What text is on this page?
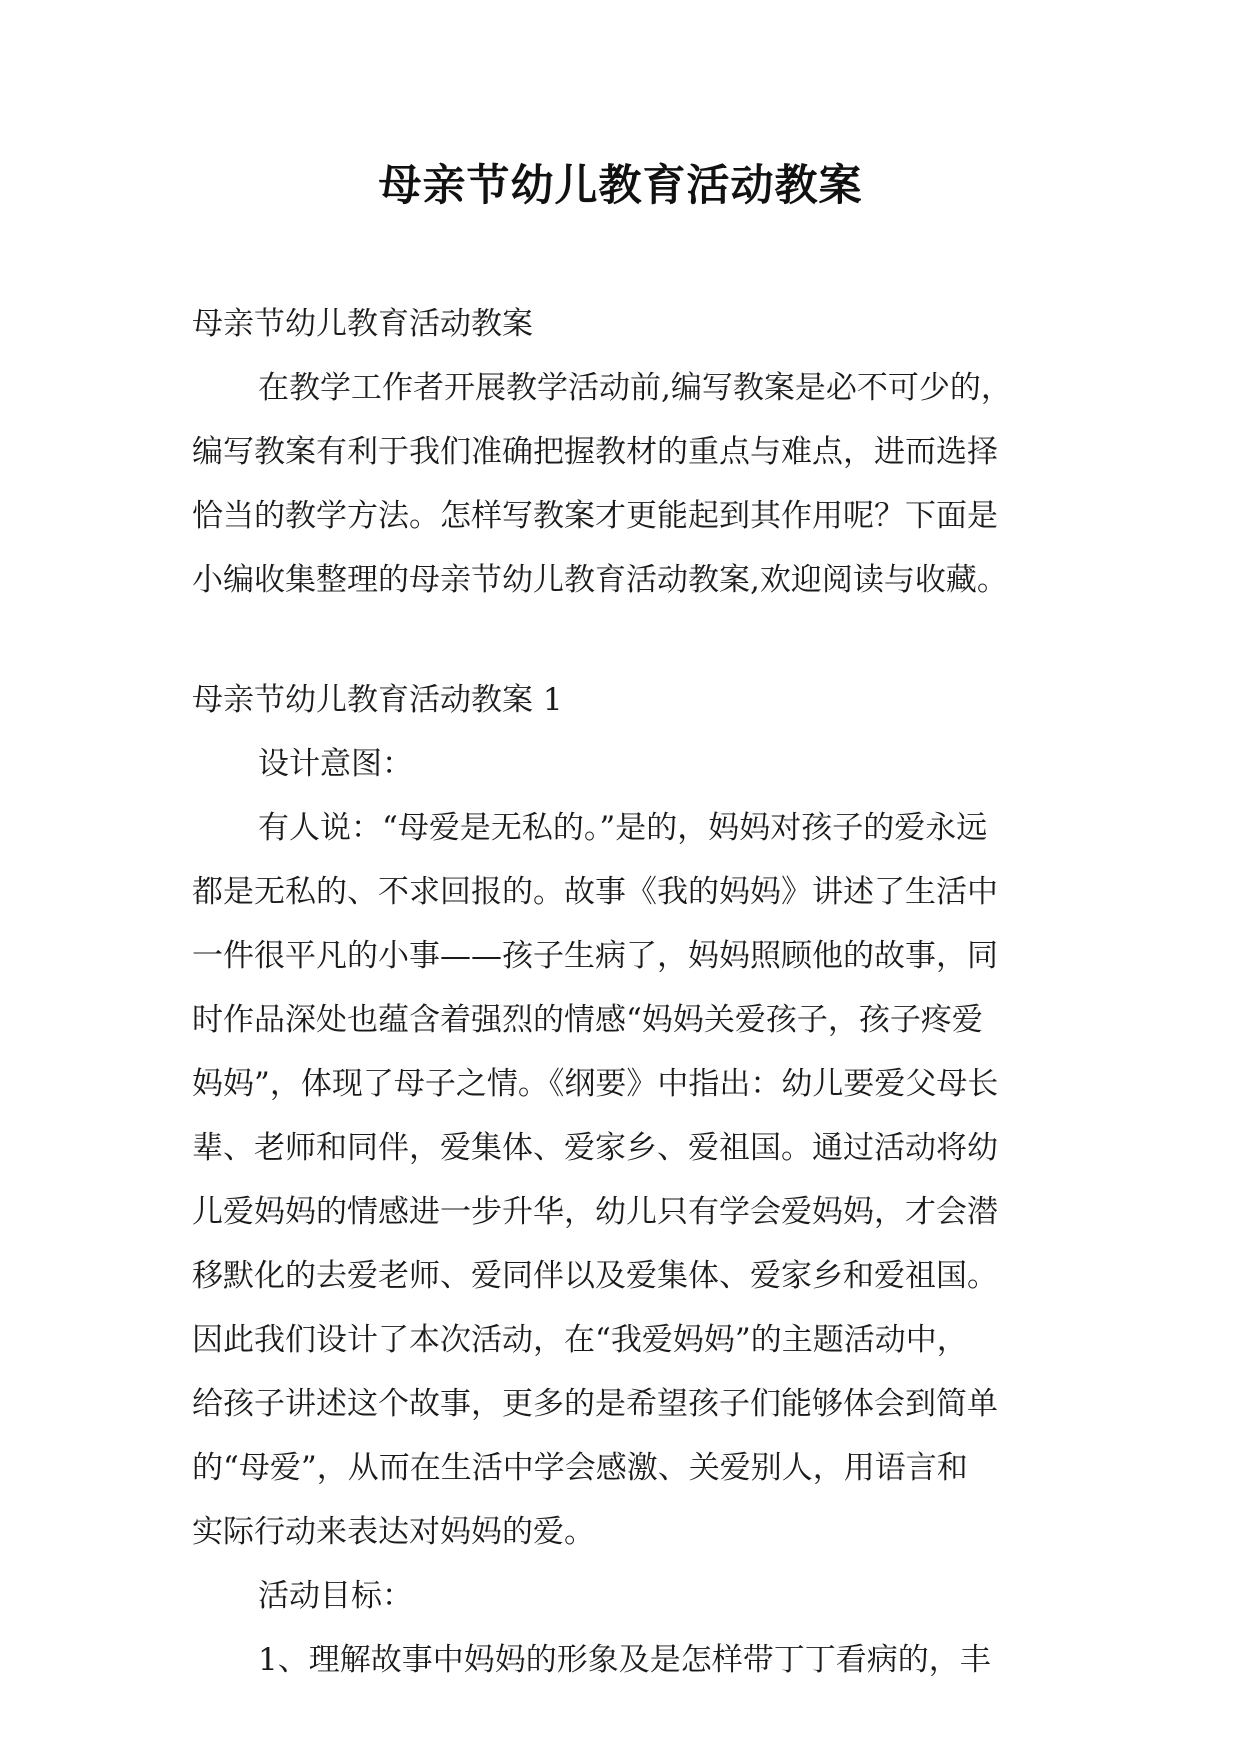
母亲节幼儿教育活动教案
母亲节幼儿教育活动教案
在教学工作者开展教学活动前,编写教案是必不可少的，
编写教案有利于我们准确把握教材的重点与难点，进而选择
恰当的教学方法。怎样写教案才更能起到其作用呢？下面是
小编收集整理的母亲节幼儿教育活动教案,欢迎阅读与收藏。
母亲节幼儿教育活动教案 1
设计意图：
有人说：“母爱是无私的。”是的，妈妈对孩子的爱永远
都是无私的、不求回报的。故事《我的妈妈》讲述了生活中
一件很平凡的小事——孩子生病了，妈妈照顾他的故事，同
时作品深处也蕴含着强烈的情感“妈妈关爱孩子，孩子疼爱
妈妈”，体现了母子之情。《纲要》中指出：幼儿要爱父母长
辈、老师和同伴，爱集体、爱家乡、爱祖国。通过活动将幼
儿爱妈妈的情感进一步升华，幼儿只有学会爱妈妈，才会潜
移默化的去爱老师、爱同伴以及爱集体、爱家乡和爱祖国。
因此我们设计了本次活动，在“我爱妈妈”的主题活动中，
给孩子讲述这个故事，更多的是希望孩子们能够体会到简单
的“母爱”，从而在生活中学会感激、关爱别人，用语言和
实际行动来表达对妈妈的爱。
活动目标：
1、理解故事中妈妈的形象及是怎样带丁丁看病的，丰
